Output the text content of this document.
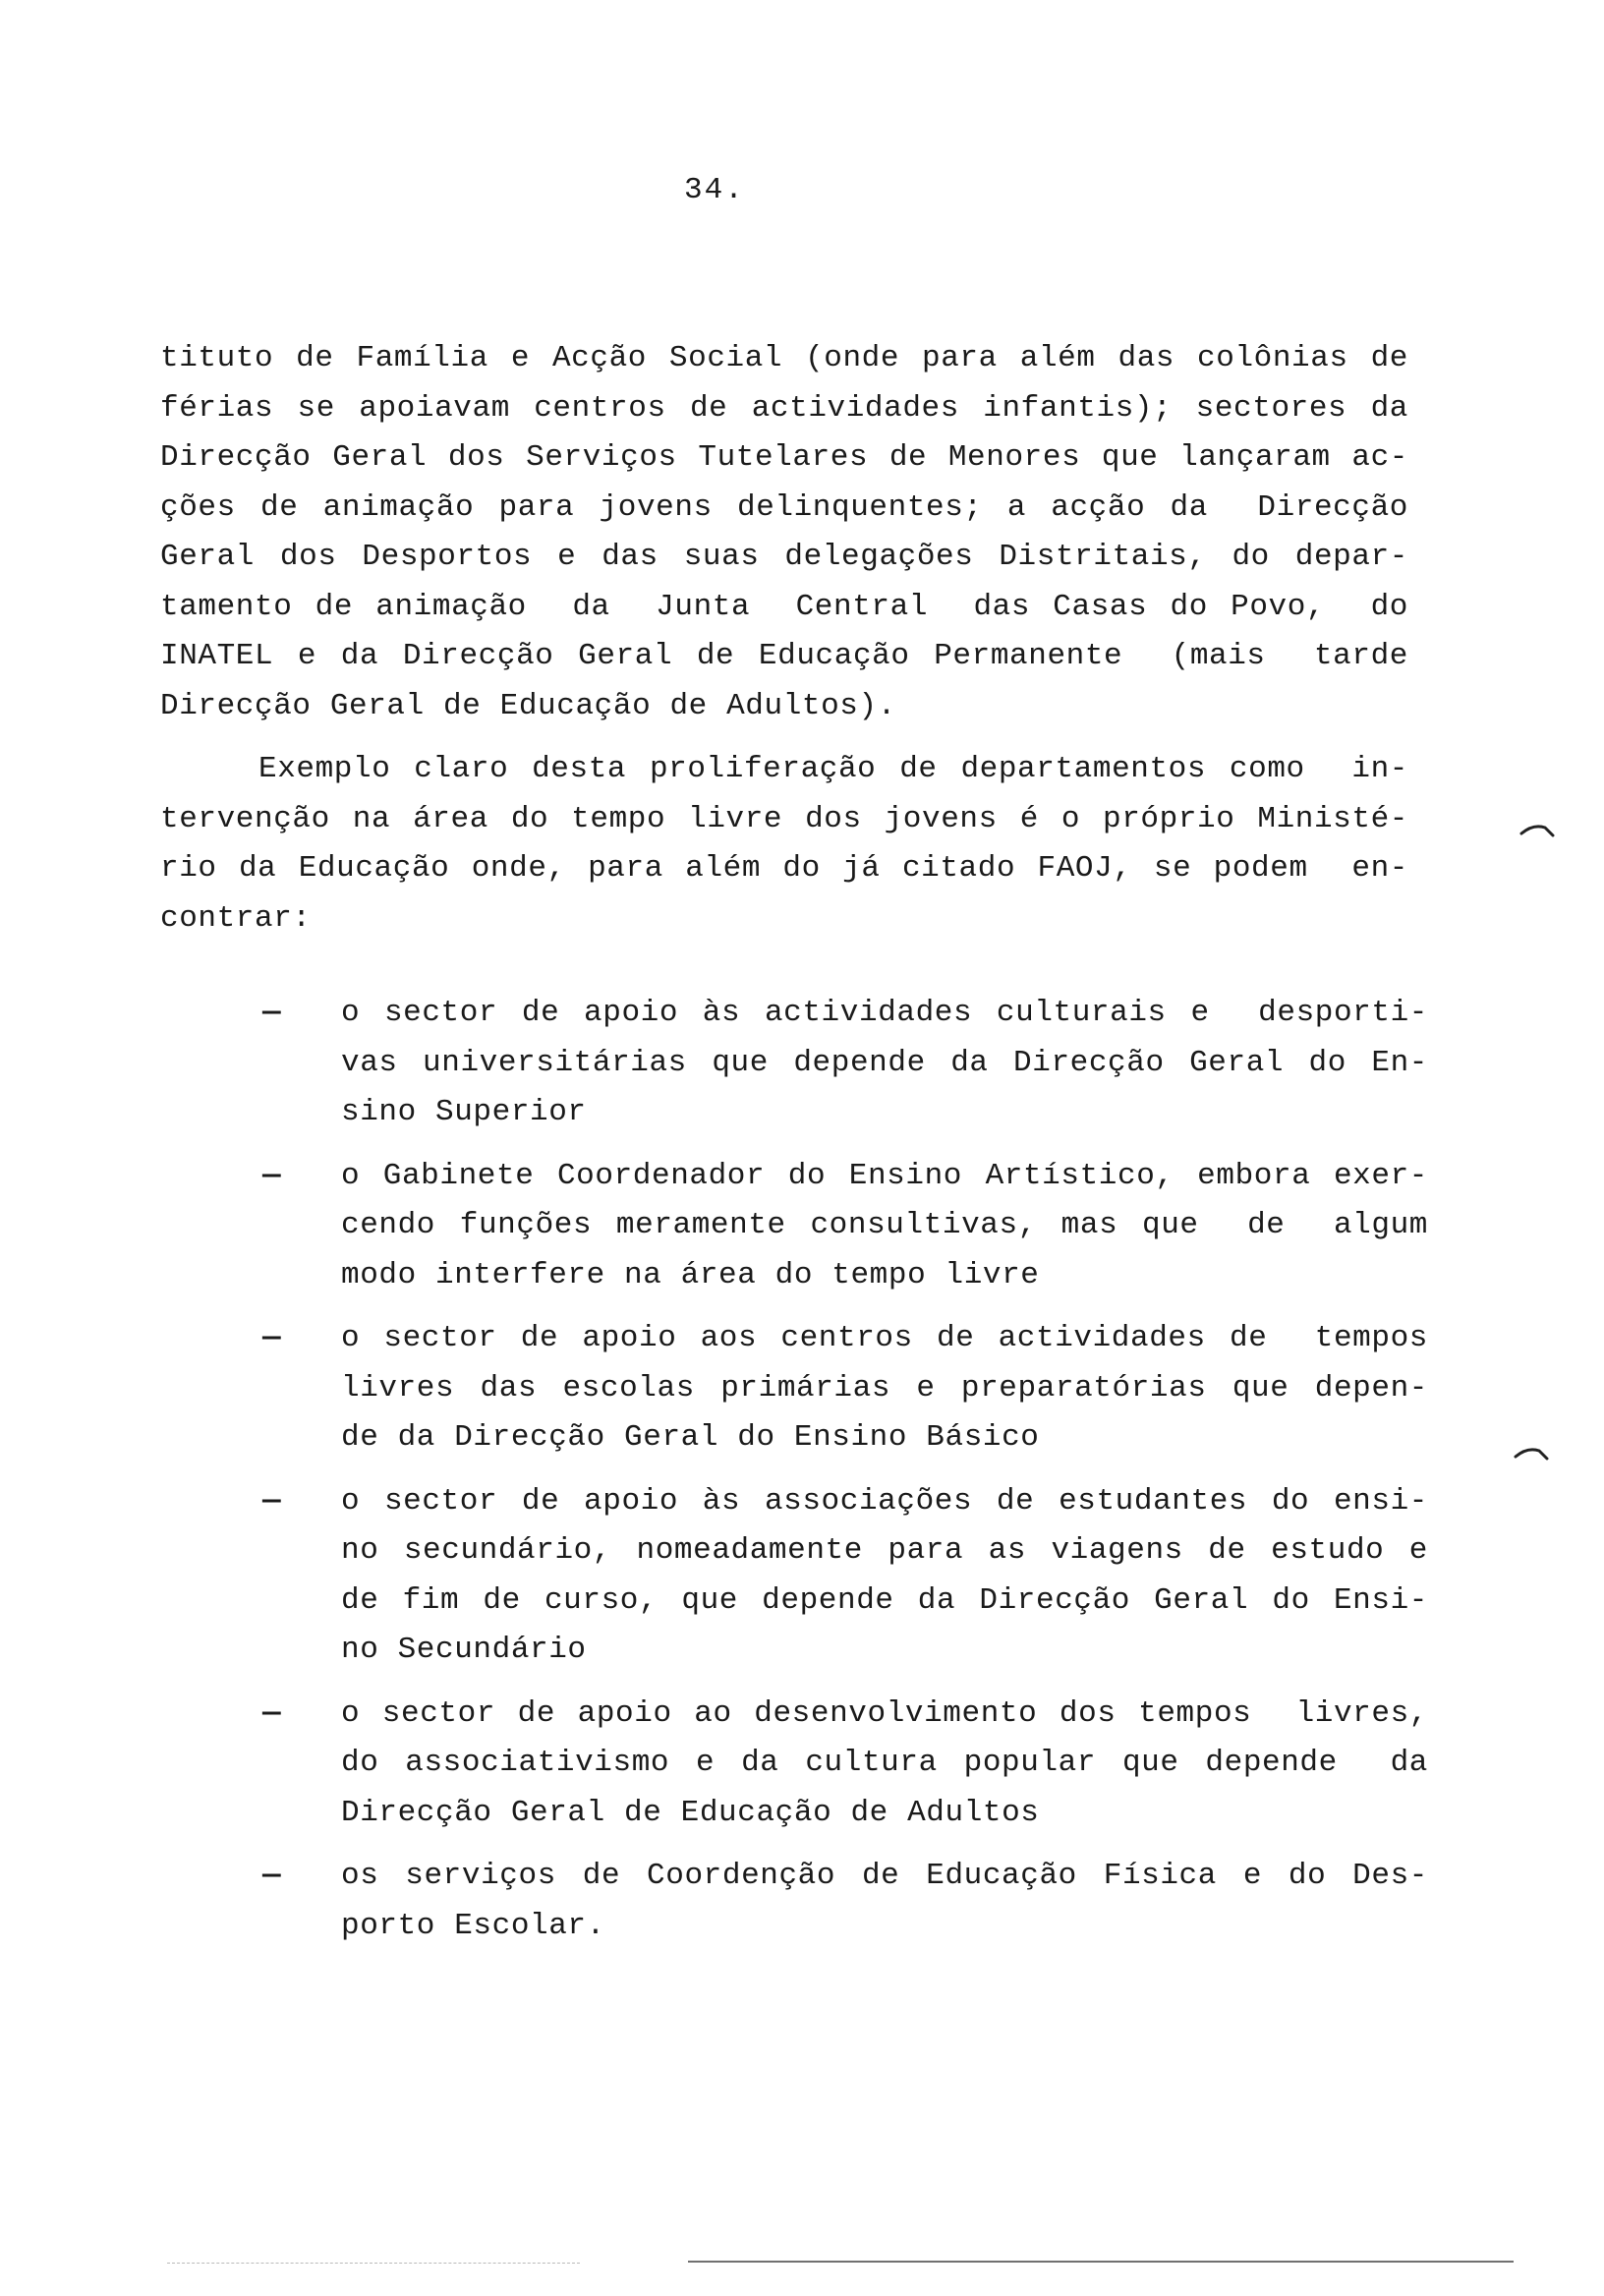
34.
tituto de Família e Acção Social (onde para além das colônias de
férias se apoiavam centros de actividades infantis); sectores da
Direcção Geral dos Serviços Tutelares de Menores que lançaram ac-
ções de animação para jovens delinquentes; a acção da  Direcção
Geral dos Desportos e das suas delegações Distritais, do depar-
tamento de animação  da  Junta  Central  das Casas do Povo,  do
INATEL e da Direcção Geral de Educação Permanente  (mais  tarde
Direcção Geral de Educação de Adultos).
Exemplo claro desta proliferação de departamentos como  in-
tervenção na área do tempo livre dos jovens é o próprio Ministé-
rio da Educação onde, para além do já citado FAOJ, se podem  en-
contrar:
—	o sector de apoio às actividades culturais e  desporti-
vas universitárias que depende da Direcção Geral do En-
sino Superior
—	o Gabinete Coordenador do Ensino Artístico, embora exer-
cendo funções meramente consultivas, mas que  de  algum
modo interfere na área do tempo livre
—	o sector de apoio aos centros de actividades de  tempos
livres das escolas primárias e preparatórias que depen-
de da Direcção Geral do Ensino Básico
—	o sector de apoio às associações de estudantes do ensi-
no secundário, nomeadamente para as viagens de estudo e
de fim de curso, que depende da Direcção Geral do Ensi-
no Secundário
—	o sector de apoio ao desenvolvimento dos tempos  livres,
do associativismo e da cultura popular que depende  da
Direcção Geral de Educação de Adultos
—	os serviços de Coordenção de Educação Física e do Des-
porto Escolar.
